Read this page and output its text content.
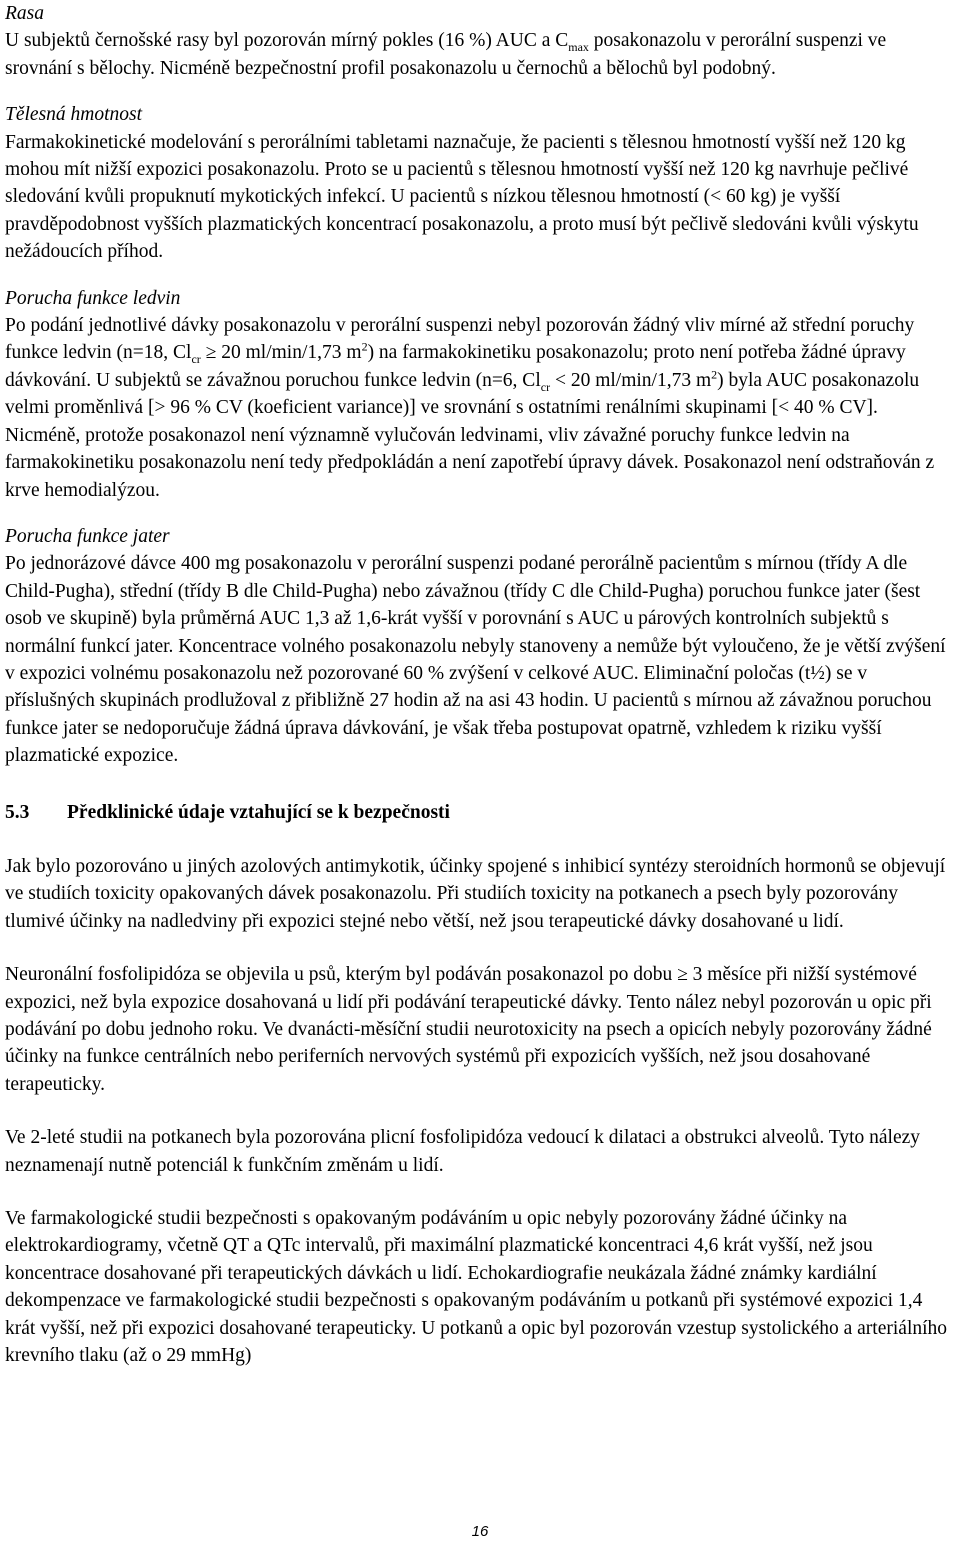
Rasa

U subjektů černošské rasy byl pozorován mírný pokles (16 %) AUC a $C_{max}$ posakonazolu v perorální suspenzi ve srovnání s bělochy. Nicméně bezpečnostní profil posakonazolu u černochů a bělochů byl podobný.

Tělesná hmotnost

Farmakokinetické modelování s perorálními tabletami naznačuje, že pacienti s tělesnou hmotností vyšší než 120 kg mohou mít nižší expozici posakonazolu. Proto se u pacientů s tělesnou hmotností vyšší než 120 kg navrhuje pečlivé sledování kvůli propuknutí mykotických infekcí. U pacientů s nízkou tělesnou hmotností (< 60 kg) je vyšší pravděpodobnost vyšších plazmatických koncentrací posakonazolu, a proto musí být pečlivě sledováni kvůli výskytu nežádoucích příhod.

Porucha funkce ledvin

Po podání jednotlivé dávky posakonazolu v perorální suspenzi nebyl pozorován žádný vliv mírné až střední poruchy funkce ledvin (n=18, $Cl_{cr} \ge 20$ ml/min/1,73 $m^2$) na farmakokinetiku posakonazolu; proto není potřeba žádné úpravy dávkování. U subjektů se závažnou poruchou funkce ledvin (n=6, $Cl_{cr} < 20$ ml/min/1,73 $m^2$) byla AUC posakonazolu velmi proměnlivá [> 96 % CV (koeficient variance)] ve srovnání s ostatními renálními skupinami [< 40 % CV]. Nicméně, protože posakonazol není významně vylučován ledvinami, vliv závažné poruchy funkce ledvin na farmakokinetiku posakonazolu není tedy předpokládán a není zapotřebí úpravy dávek. Posakonazol není odstraňován z krve hemodialýzou.

Porucha funkce jater

Po jednorázové dávce 400 mg posakonazolu v perorální suspenzi podané perorálně pacientům s mírnou (třídy A dle Child-Pugha), střední (třídy B dle Child-Pugha) nebo závažnou (třídy C dle Child-Pugha) poruchou funkce jater (šest osob ve skupině) byla průměrná AUC 1,3 až 1,6-krát vyšší v porovnání s AUC u párových kontrolních subjektů s normální funkcí jater. Koncentrace volného posakonazolu nebyly stanoveny a nemůže být vyloučeno, že je větší zvýšení v expozici volnému posakonazolu než pozorované 60 % zvýšení v celkové AUC. Eliminační poločas (t½) se v příslušných skupinách prodlužoval z přibližně 27 hodin až na asi 43 hodin. U pacientů s mírnou až závažnou poruchou funkce jater se nedoporučuje žádná úprava dávkování, je však třeba postupovat opatrně, vzhledem k riziku vyšší plazmatické expozice.

5.3	Předklinické údaje vztahující se k bezpečnosti

Jak bylo pozorováno u jiných azolových antimykotik, účinky spojené s inhibicí syntézy steroidních hormonů se objevují ve studiích toxicity opakovaných dávek posakonazolu. Při studiích toxicity na potkanech a psech byly pozorovány tlumivé účinky na nadledviny při expozici stejné nebo větší, než jsou terapeutické dávky dosahované u lidí.

Neuronální fosfolipidóza se objevila u psů, kterým byl podáván posakonazol po dobu ≥ 3 měsíce při nižší systémové expozici, než byla expozice dosahovaná u lidí při podávání terapeutické dávky. Tento nález nebyl pozorován u opic při podávání po dobu jednoho roku. Ve dvanácti-měsíční studii neurotoxicity na psech a opicích nebyly pozorovány žádné účinky na funkce centrálních nebo periferních nervových systémů při expozicích vyšších, než jsou dosahované terapeuticky.

Ve 2-leté studii na potkanech byla pozorována plicní fosfolipidóza vedoucí k dilataci a obstrukci alveolů. Tyto nálezy neznamenají nutně potenciál k funkčním změnám u lidí.

Ve farmakologické studii bezpečnosti s opakovaným podáváním u opic nebyly pozorovány žádné účinky na elektrokardiogramy, včetně QT a QTc intervalů, při maximální plazmatické koncentraci 4,6 krát vyšší, než jsou koncentrace dosahované při terapeutických dávkách u lidí. Echokardiografie neukázala žádné známky kardiální dekompenzace ve farmakologické studii bezpečnosti s opakovaným podáváním u potkanů při systémové expozici 1,4 krát vyšší, než při expozici dosahované terapeuticky. U potkanů a opic byl pozorován vzestup systolického a arteriálního krevního tlaku (až o 29 mmHg)

16
